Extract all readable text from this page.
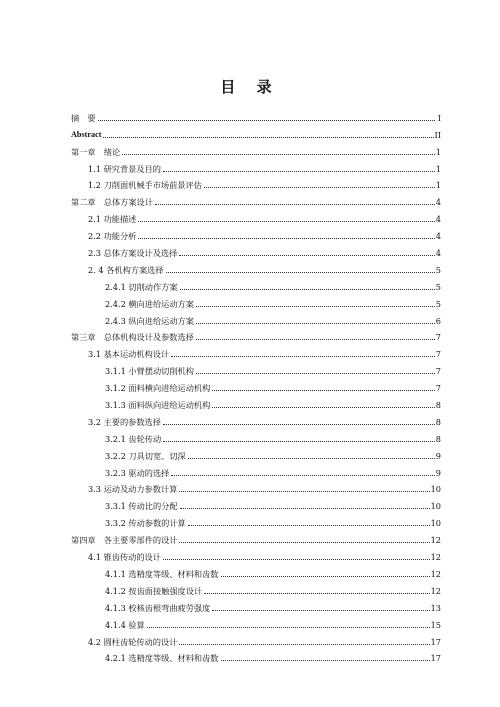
目 录
摘　要	I
Abstract	II
第一章　绪论	1
1.1 研究背景及目的	1
1.2 刀削面机械手市场前景评估	1
第二章　总体方案设计	4
2.1 功能描述	4
2.2 功能分析	4
2.3 总体方案设计及选择	4
2. 4 各机构方案选择	5
2.4.1 切削动作方案	5
2.4.2 横向进给运动方案	5
2.4.3 纵向进给运动方案	6
第三章　总体机构设计及参数选择	7
3.1 基本运动机构设计	7
3.1.1 小臂摆动切削机构	7
3.1.2 面料横向进给运动机构	7
3.1.3 面料纵向进给运动机构	8
3.2 主要的参数选择	8
3.2.1 齿轮传动	8
3.2.2 刀具切宽、切深	9
3.2.3 驱动的选择	9
3.3 运动及动力参数计算	10
3.3.1 传动比的分配	10
3.3.2 传动参数的计算	10
第四章　各主要零部件的设计	12
4.1 锥齿传动的设计	12
4.1.1 选精度等级、材料和齿数	12
4.1.2 按齿面接触强度设计	12
4.1.3 校核齿根弯曲疲劳强度	13
4.1.4 验算	15
4.2 圆柱齿轮传动的设计	17
4.2.1 选精度等级、材料和齿数	17
